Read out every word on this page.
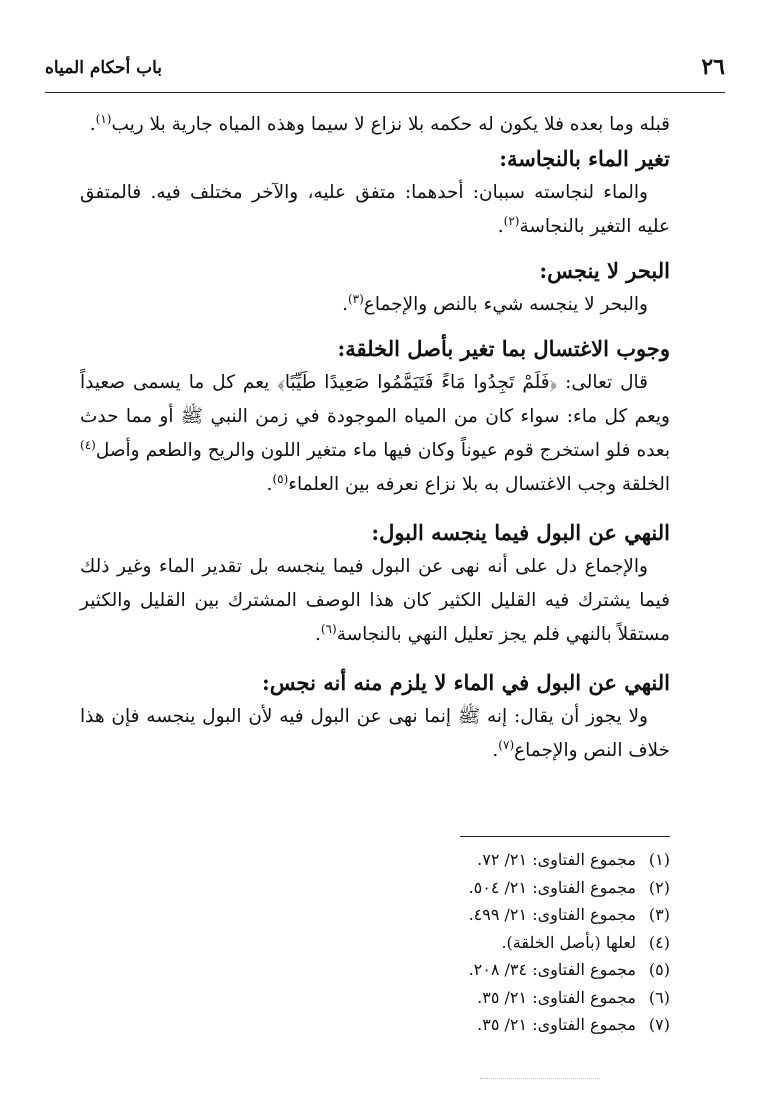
٢٦
باب أحكام المياه

قبله وما بعده فلا يكون له حكمه بلا نزاع لا سيما وهذه المياه جارية بلا ريب$^{(١)}$.

تغير الماء بالنجاسة:

والماء لنجاسته سببان: أحدهما: متفق عليه، والآخر مختلف فيه. فالمتفق عليه التغير بالنجاسة$^{(٢)}$.

البحر لا ينجس:

والبحر لا ينجسه شيء بالنص والإجماع$^{(٣)}$.

وجوب الاغتسال بما تغير بأصل الخلقة:

قال تعالى: ﴿فَلَمْ تَجِدُوا مَاءً فَتَيَمَّمُوا صَعِيدًا طَيِّبًا﴾ يعم كل ما يسمى صعيداً ويعم كل ماء: سواء كان من المياه الموجودة في زمن النبي ﷺ أو مما حدث بعده فلو استخرج قوم عيوناً وكان فيها ماء متغير اللون والريح والطعم وأصل$^{(٤)}$ الخلقة وجب الاغتسال به بلا نزاع نعرفه بين العلماء$^{(٥)}$.

النهي عن البول فيما ينجسه البول:

والإجماع دل على أنه نهى عن البول فيما ينجسه بل تقدير الماء وغير ذلك فيما يشترك فيه القليل الكثير كان هذا الوصف المشترك بين القليل والكثير مستقلاً بالنهي فلم يجز تعليل النهي بالنجاسة$^{(٦)}$.

النهي عن البول في الماء لا يلزم منه أنه نجس:

ولا يجوز أن يقال: إنه ﷺ إنما نهى عن البول فيه لأن البول ينجسه فإن هذا خلاف النص والإجماع$^{(٧)}$.

(١)مجموع الفتاوى: ٢١/ ٧٢.
(٢)مجموع الفتاوى: ٢١/ ٥٠٤.
(٣)مجموع الفتاوى: ٢١/ ٤٩٩.
(٤)لعلها (بأصل الخلقة).
(٥)مجموع الفتاوى: ٣٤/ ٢٠٨.
(٦)مجموع الفتاوى: ٢١/ ٣٥.
(٧)مجموع الفتاوى: ٢١/ ٣٥.
